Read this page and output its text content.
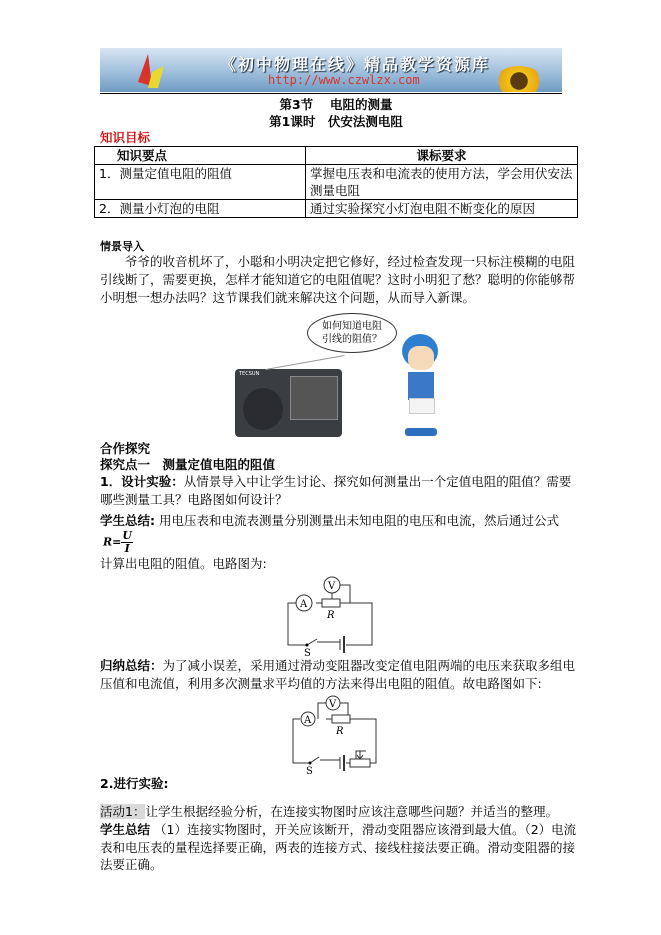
《初中物理在线》精品教学资源库
http://www.czwlzx.com
第3节　 电阻的测量
第1课时　伏安法测电阻
知识目标
知识要点	课标要求
1．测量定值电阻的阻值	掌握电压表和电流表的使用方法，学会用伏安法测量电阻
2．测量小灯泡的电阻	通过实验探究小灯泡电阻不断变化的原因
情景导入
爷爷的收音机坏了，小聪和小明决定把它修好，经过检查发现一只标注模糊的电阻引线断了，需要更换，怎样才能知道它的电阻值呢？这时小明犯了愁？聪明的你能够帮小明想一想办法吗？这节课我们就来解决这个问题，从而导入新课。
TECSUN
如何知道电阻引线的阻值？
合作探究
探究点一　测量定值电阻的阻值
1．设计实验：从情景导入中让学生讨论、探究如何测量出一个定值电阻的阻值？需要哪些测量工具？电路图如何设计？
学生总结: 用电压表和电流表测量分别测量出未知电阻的电压和电流，然后通过公式$R= \frac{U}{I}$
计算出电阻的阻值。电路图为:
A
V
R
S
归纳总结：为了减小误差，采用通过滑动变阻器改变定值电阻两端的电压来获取多组电压值和电流值，利用多次测量求平均值的方法来得出电阻的阻值。故电路图如下:
A
V
R
S
2.进行实验:
活动1：让学生根据经验分析，在连接实物图时应该注意哪些问题？并适当的整理。
学生总结 （1）连接实物图时，开关应该断开，滑动变阻器应该滑到最大值。（2）电流表和电压表的量程选择要正确，两表的连接方式、接线柱接法要正确。滑动变阻器的接法要正确。
